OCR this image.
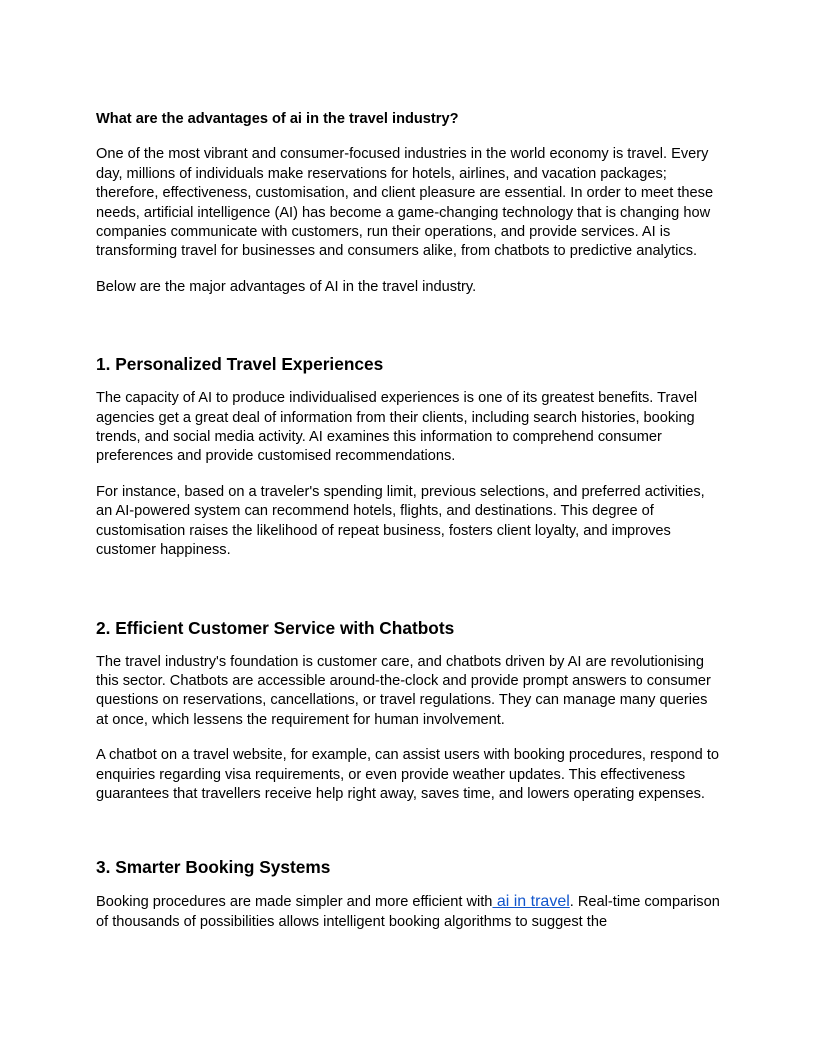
What are the advantages of ai in the travel industry?

One of the most vibrant and consumer-focused industries in the world economy is travel. Every day, millions of individuals make reservations for hotels, airlines, and vacation packages; therefore, effectiveness, customisation, and client pleasure are essential. In order to meet these needs, artificial intelligence (AI) has become a game-changing technology that is changing how companies communicate with customers, run their operations, and provide services. AI is transforming travel for businesses and consumers alike, from chatbots to predictive analytics.

Below are the major advantages of AI in the travel industry.

1. Personalized Travel Experiences

The capacity of AI to produce individualised experiences is one of its greatest benefits. Travel agencies get a great deal of information from their clients, including search histories, booking trends, and social media activity. AI examines this information to comprehend consumer preferences and provide customised recommendations.

For instance, based on a traveler's spending limit, previous selections, and preferred activities, an AI-powered system can recommend hotels, flights, and destinations. This degree of customisation raises the likelihood of repeat business, fosters client loyalty, and improves customer happiness.

2. Efficient Customer Service with Chatbots

The travel industry's foundation is customer care, and chatbots driven by AI are revolutionising this sector. Chatbots are accessible around-the-clock and provide prompt answers to consumer questions on reservations, cancellations, or travel regulations. They can manage many queries at once, which lessens the requirement for human involvement.

A chatbot on a travel website, for example, can assist users with booking procedures, respond to enquiries regarding visa requirements, or even provide weather updates. This effectiveness guarantees that travellers receive help right away, saves time, and lowers operating expenses.

3. Smarter Booking Systems

Booking procedures are made simpler and more efficient with ai in travel. Real-time comparison of thousands of possibilities allows intelligent booking algorithms to suggest the
